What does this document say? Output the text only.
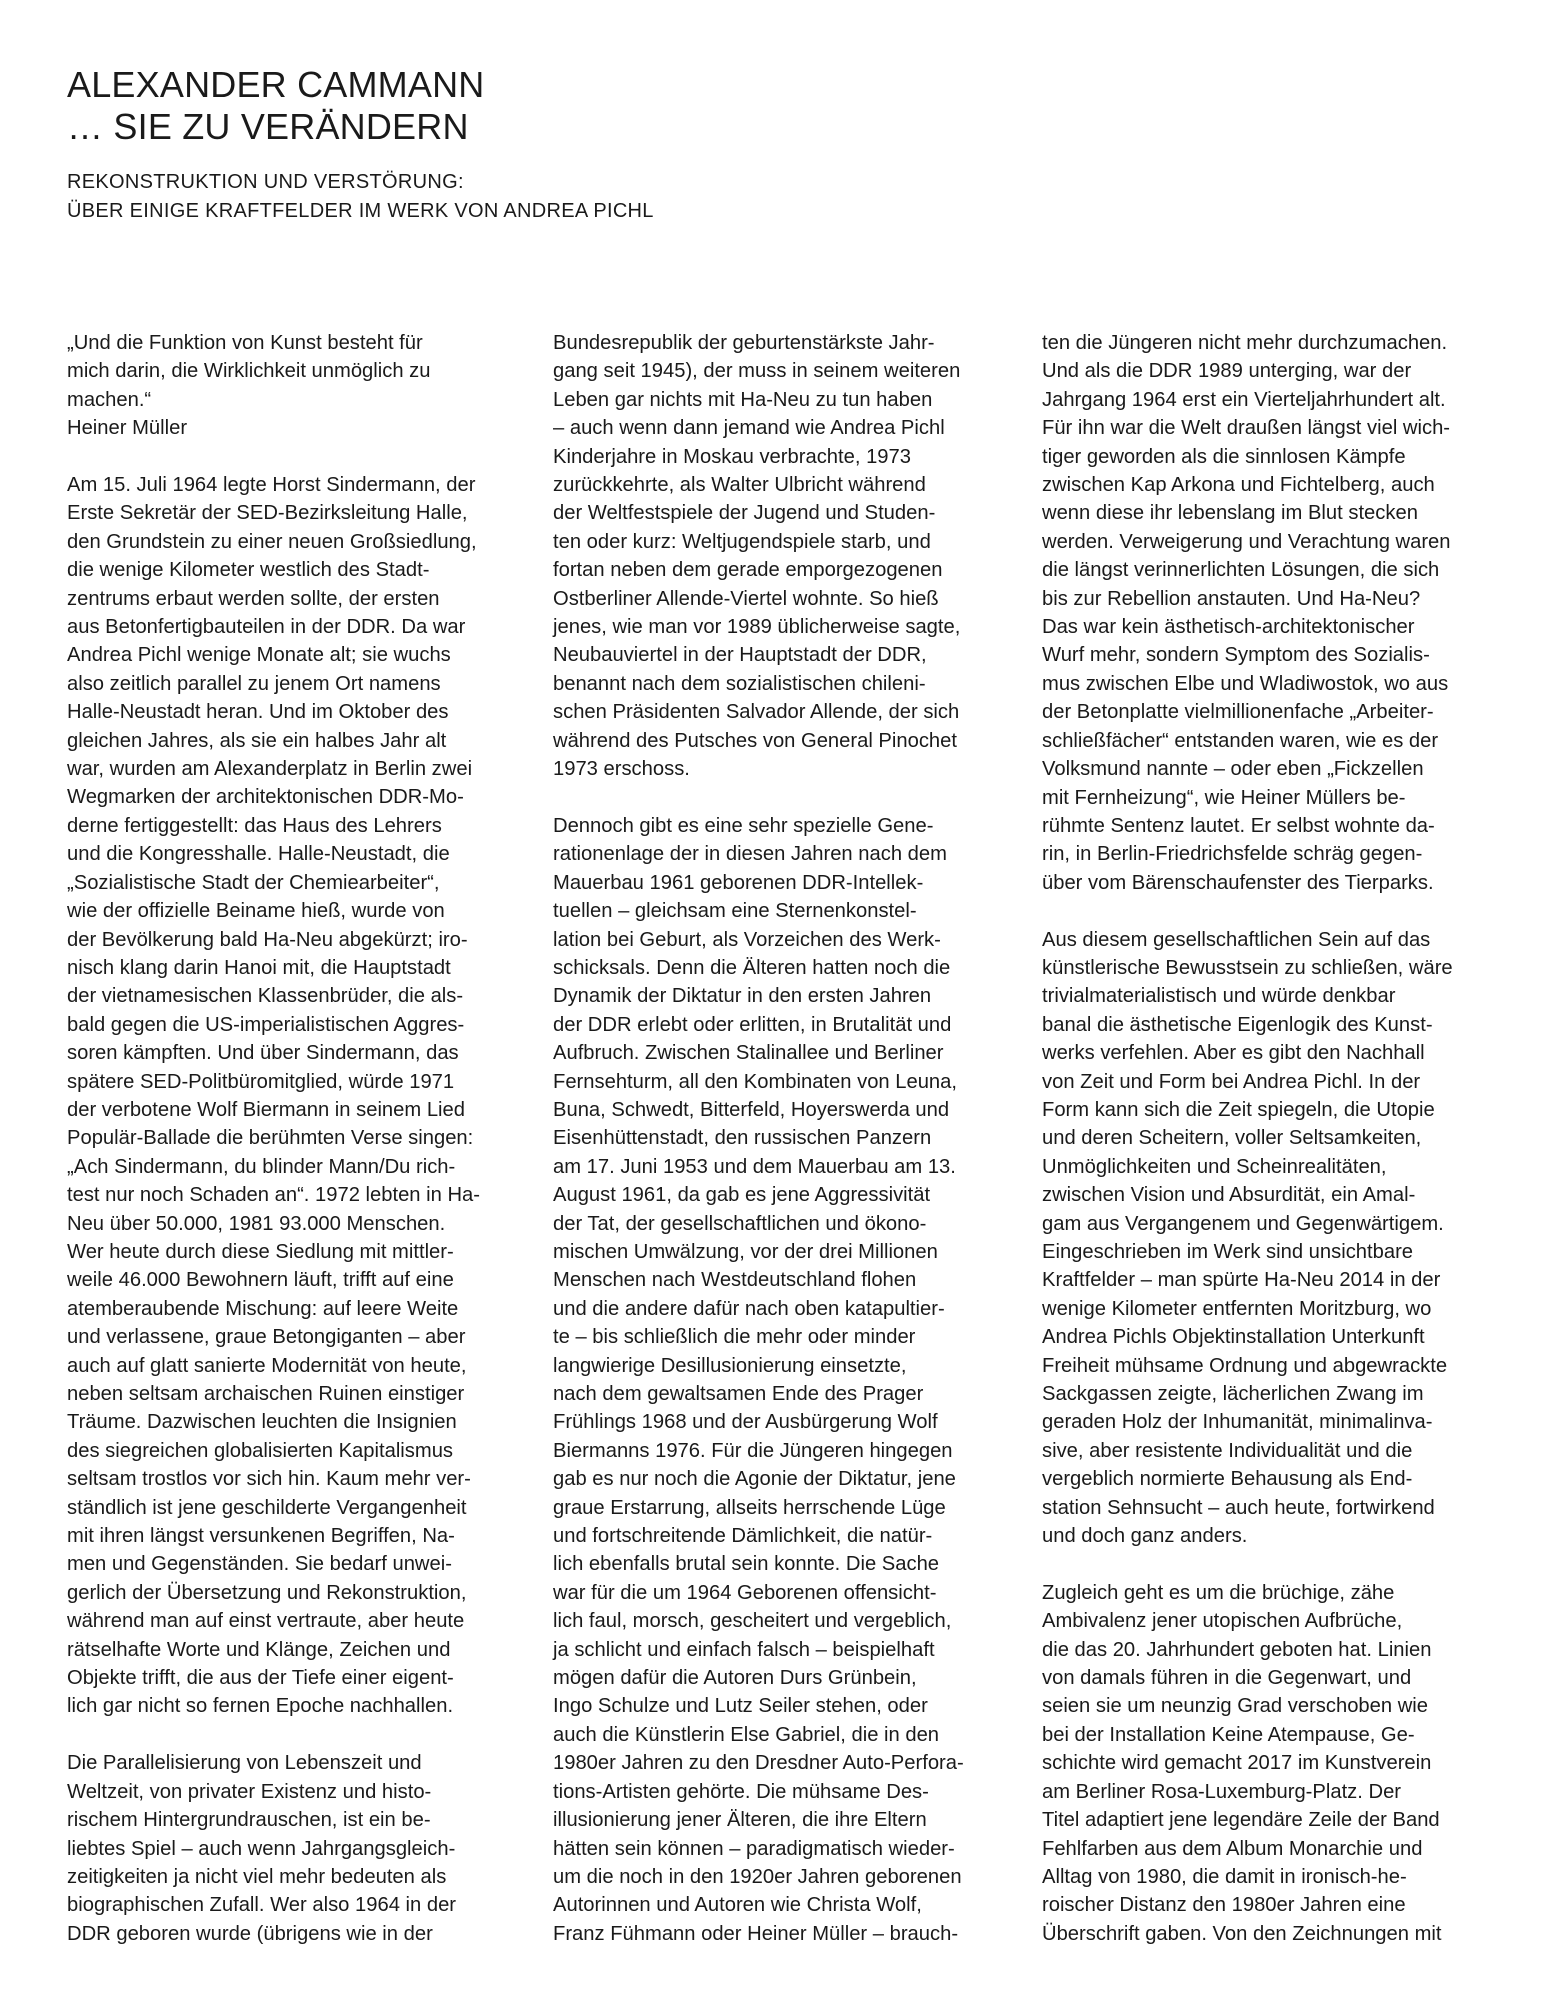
ALEXANDER CAMMANN
… SIE ZU VERÄNDERN
REKONSTRUKTION UND VERSTÖRUNG:
ÜBER EINIGE KRAFTFELDER IM WERK VON ANDREA PICHL

„Und die Funktion von Kunst besteht für
mich darin, die Wirklichkeit unmöglich zu
machen.“
Heiner Müller

Am 15. Juli 1964 legte Horst Sindermann, der
Erste Sekretär der SED-Bezirksleitung Halle,
den Grundstein zu einer neuen Großsiedlung,
die wenige Kilometer westlich des Stadt-
zentrums erbaut werden sollte, der ersten
aus Betonfertigbauteilen in der DDR. Da war
Andrea Pichl wenige Monate alt; sie wuchs
also zeitlich parallel zu jenem Ort namens
Halle-Neustadt heran. Und im Oktober des
gleichen Jahres, als sie ein halbes Jahr alt
war, wurden am Alexanderplatz in Berlin zwei
Wegmarken der architektonischen DDR-Mo-
derne fertiggestellt: das Haus des Lehrers
und die Kongresshalle. Halle-Neustadt, die
„Sozialistische Stadt der Chemiearbeiter“,
wie der offizielle Beiname hieß, wurde von
der Bevölkerung bald Ha-Neu abgekürzt; iro-
nisch klang darin Hanoi mit, die Hauptstadt
der vietnamesischen Klassenbrüder, die als-
bald gegen die US-imperialistischen Aggres-
soren kämpften. Und über Sindermann, das
spätere SED-Politbüromitglied, würde 1971
der verbotene Wolf Biermann in seinem Lied
Populär-Ballade die berühmten Verse singen:
„Ach Sindermann, du blinder Mann/Du rich-
test nur noch Schaden an“. 1972 lebten in Ha-
Neu über 50.000, 1981 93.000 Menschen.
Wer heute durch diese Siedlung mit mittler-
weile 46.000 Bewohnern läuft, trifft auf eine
atemberaubende Mischung: auf leere Weite
und verlassene, graue Betongiganten – aber
auch auf glatt sanierte Modernität von heute,
neben seltsam archaischen Ruinen einstiger
Träume. Dazwischen leuchten die Insignien
des siegreichen globalisierten Kapitalismus
seltsam trostlos vor sich hin. Kaum mehr ver-
ständlich ist jene geschilderte Vergangenheit
mit ihren längst versunkenen Begriffen, Na-
men und Gegenständen. Sie bedarf unwei-
gerlich der Übersetzung und Rekonstruktion,
während man auf einst vertraute, aber heute
rätselhafte Worte und Klänge, Zeichen und
Objekte trifft, die aus der Tiefe einer eigent-
lich gar nicht so fernen Epoche nachhallen.

Die Parallelisierung von Lebenszeit und
Weltzeit, von privater Existenz und histo-
rischem Hintergrundrauschen, ist ein be-
liebtes Spiel – auch wenn Jahrgangsgleich-
zeitigkeiten ja nicht viel mehr bedeuten als
biographischen Zufall. Wer also 1964 in der
DDR geboren wurde (übrigens wie in der

Bundesrepublik der geburtenstärkste Jahr-
gang seit 1945), der muss in seinem weiteren
Leben gar nichts mit Ha-Neu zu tun haben
– auch wenn dann jemand wie Andrea Pichl
Kinderjahre in Moskau verbrachte, 1973
zurückkehrte, als Walter Ulbricht während
der Weltfestspiele der Jugend und Studen-
ten oder kurz: Weltjugendspiele starb, und
fortan neben dem gerade emporgezogenen
Ostberliner Allende-Viertel wohnte. So hieß
jenes, wie man vor 1989 üblicherweise sagte,
Neubauviertel in der Hauptstadt der DDR,
benannt nach dem sozialistischen chileni-
schen Präsidenten Salvador Allende, der sich
während des Putsches von General Pinochet
1973 erschoss.

Dennoch gibt es eine sehr spezielle Gene-
rationenlage der in diesen Jahren nach dem
Mauerbau 1961 geborenen DDR-Intellek-
tuellen – gleichsam eine Sternenkonstel-
lation bei Geburt, als Vorzeichen des Werk-
schicksals. Denn die Älteren hatten noch die
Dynamik der Diktatur in den ersten Jahren
der DDR erlebt oder erlitten, in Brutalität und
Aufbruch. Zwischen Stalinallee und Berliner
Fernsehturm, all den Kombinaten von Leuna,
Buna, Schwedt, Bitterfeld, Hoyerswerda und
Eisenhüttenstadt, den russischen Panzern
am 17. Juni 1953 und dem Mauerbau am 13.
August 1961, da gab es jene Aggressivität
der Tat, der gesellschaftlichen und ökono-
mischen Umwälzung, vor der drei Millionen
Menschen nach Westdeutschland flohen
und die andere dafür nach oben katapultier-
te – bis schließlich die mehr oder minder
langwierige Desillusionierung einsetzte,
nach dem gewaltsamen Ende des Prager
Frühlings 1968 und der Ausbürgerung Wolf
Biermanns 1976. Für die Jüngeren hingegen
gab es nur noch die Agonie der Diktatur, jene
graue Erstarrung, allseits herrschende Lüge
und fortschreitende Dämlichkeit, die natür-
lich ebenfalls brutal sein konnte. Die Sache
war für die um 1964 Geborenen offensicht-
lich faul, morsch, gescheitert und vergeblich,
ja schlicht und einfach falsch – beispielhaft
mögen dafür die Autoren Durs Grünbein,
Ingo Schulze und Lutz Seiler stehen, oder
auch die Künstlerin Else Gabriel, die in den
1980er Jahren zu den Dresdner Auto-Perfora-
tions-Artisten gehörte. Die mühsame Des-
illusionierung jener Älteren, die ihre Eltern
hätten sein können – paradigmatisch wieder-
um die noch in den 1920er Jahren geborenen
Autorinnen und Autoren wie Christa Wolf,
Franz Fühmann oder Heiner Müller – brauch-

ten die Jüngeren nicht mehr durchzumachen.
Und als die DDR 1989 unterging, war der
Jahrgang 1964 erst ein Vierteljahrhundert alt.
Für ihn war die Welt draußen längst viel wich-
tiger geworden als die sinnlosen Kämpfe
zwischen Kap Arkona und Fichtelberg, auch
wenn diese ihr lebenslang im Blut stecken
werden. Verweigerung und Verachtung waren
die längst verinnerlichten Lösungen, die sich
bis zur Rebellion anstauten. Und Ha-Neu?
Das war kein ästhetisch-architektonischer
Wurf mehr, sondern Symptom des Sozialis-
mus zwischen Elbe und Wladiwostok, wo aus
der Betonplatte vielmillionenfache „Arbeiter-
schließfächer“ entstanden waren, wie es der
Volksmund nannte – oder eben „Fickzellen
mit Fernheizung“, wie Heiner Müllers be-
rühmte Sentenz lautet. Er selbst wohnte da-
rin, in Berlin-Friedrichsfelde schräg gegen-
über vom Bärenschaufenster des Tierparks.

Aus diesem gesellschaftlichen Sein auf das
künstlerische Bewusstsein zu schließen, wäre
trivialmaterialistisch und würde denkbar
banal die ästhetische Eigenlogik des Kunst-
werks verfehlen. Aber es gibt den Nachhall
von Zeit und Form bei Andrea Pichl. In der
Form kann sich die Zeit spiegeln, die Utopie
und deren Scheitern, voller Seltsamkeiten,
Unmöglichkeiten und Scheinrealitäten,
zwischen Vision und Absurdität, ein Amal-
gam aus Vergangenem und Gegenwärtigem.
Eingeschrieben im Werk sind unsichtbare
Kraftfelder – man spürte Ha-Neu 2014 in der
wenige Kilometer entfernten Moritzburg, wo
Andrea Pichls Objektinstallation Unterkunft
Freiheit mühsame Ordnung und abgewrackte
Sackgassen zeigte, lächerlichen Zwang im
geraden Holz der Inhumanität, minimalinva-
sive, aber resistente Individualität und die
vergeblich normierte Behausung als End-
station Sehnsucht – auch heute, fortwirkend
und doch ganz anders.

Zugleich geht es um die brüchige, zähe
Ambivalenz jener utopischen Aufbrüche,
die das 20. Jahrhundert geboten hat. Linien
von damals führen in die Gegenwart, und
seien sie um neunzig Grad verschoben wie
bei der Installation Keine Atempause, Ge-
schichte wird gemacht 2017 im Kunstverein
am Berliner Rosa-Luxemburg-Platz. Der
Titel adaptiert jene legendäre Zeile der Band
Fehlfarben aus dem Album Monarchie und
Alltag von 1980, die damit in ironisch-he-
roischer Distanz den 1980er Jahren eine
Überschrift gaben. Von den Zeichnungen mit
